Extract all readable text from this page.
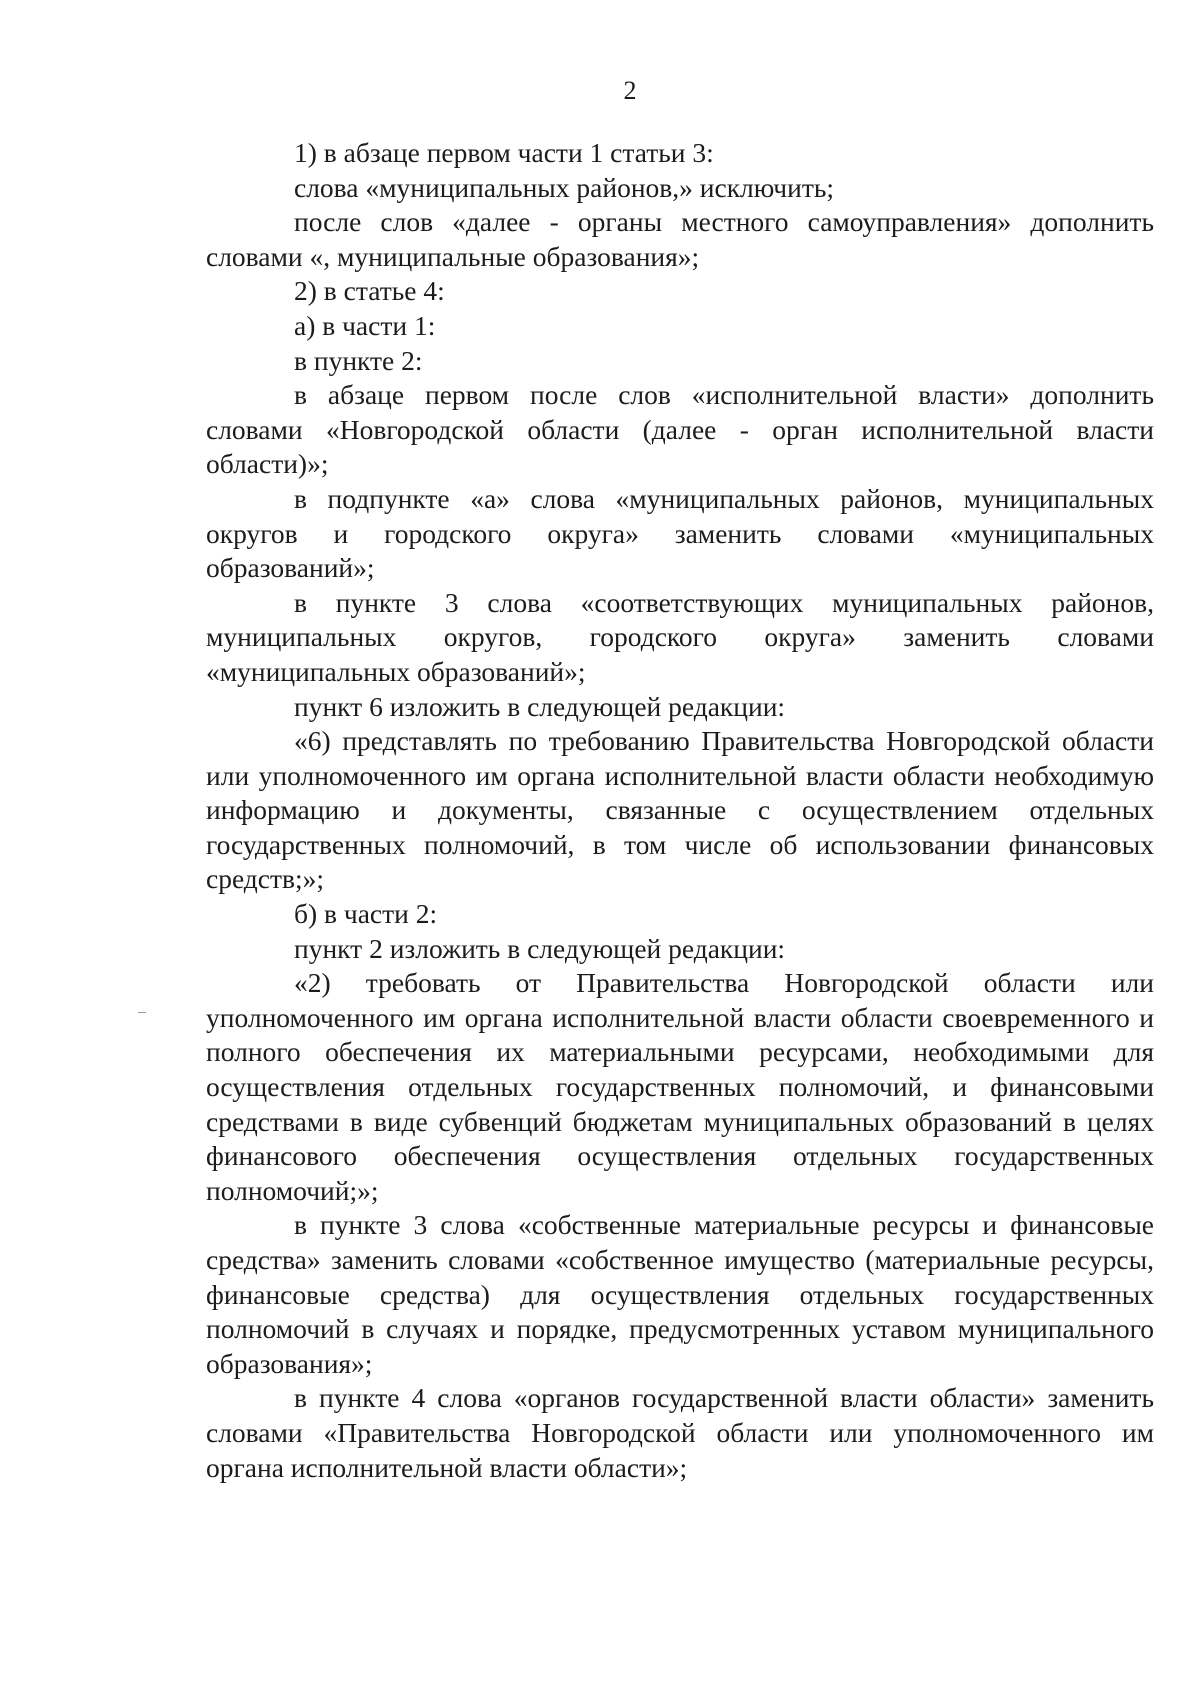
2

1) в абзаце первом части 1 статьи 3:

слова «муниципальных районов,» исключить;

после слов «далее - органы местного самоуправления» дополнить словами «, муниципальные образования»;

2) в статье 4:

а) в части 1:

в пункте 2:

в абзаце первом после слов «исполнительной власти» дополнить словами «Новгородской области (далее - орган исполнительной власти области)»;

в подпункте «а» слова «муниципальных районов, муниципальных округов и городского округа» заменить словами «муниципальных образований»;

в пункте 3 слова «соответствующих муниципальных районов, муниципальных округов, городского округа» заменить словами «муниципальных образований»;

пункт 6 изложить в следующей редакции:

«6) представлять по требованию Правительства Новгородской области или уполномоченного им органа исполнительной власти области необходимую информацию и документы, связанные с осуществлением отдельных государственных полномочий, в том числе об использовании финансовых средств;»;

б) в части 2:

пункт 2 изложить в следующей редакции:

«2) требовать от Правительства Новгородской области или уполномоченного им органа исполнительной власти области своевременного и полного обеспечения их материальными ресурсами, необходимыми для осуществления отдельных государственных полномочий, и финансовыми средствами в виде субвенций бюджетам муниципальных образований в целях финансового обеспечения осуществления отдельных государственных полномочий;»;

в пункте 3 слова «собственные материальные ресурсы и финансовые средства» заменить словами «собственное имущество (материальные ресурсы, финансовые средства) для осуществления отдельных государственных полномочий в случаях и порядке, предусмотренных уставом муниципального образования»;

в пункте 4 слова «органов государственной власти области» заменить словами «Правительства Новгородской области или уполномоченного им органа исполнительной власти области»;
